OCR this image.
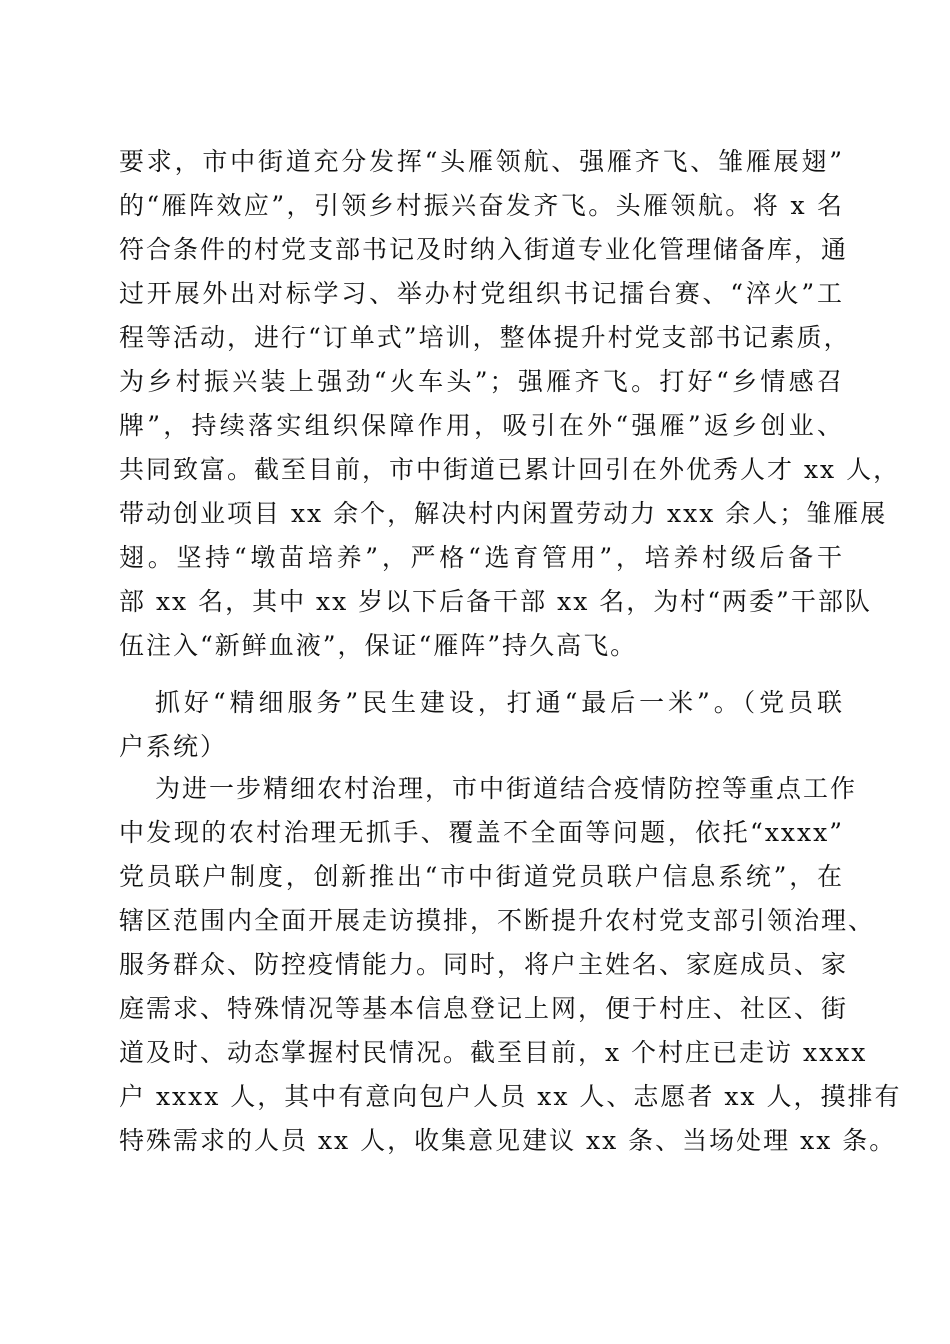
要求，市中街道充分发挥“头雁领航、强雁齐飞、雏雁展翅”
的“雁阵效应”，引领乡村振兴奋发齐飞。头雁领航。将 x 名
符合条件的村党支部书记及时纳入街道专业化管理储备库，通
过开展外出对标学习、举办村党组织书记擂台赛、“淬火”工
程等活动，进行“订单式”培训，整体提升村党支部书记素质，
为乡村振兴装上强劲“火车头”；强雁齐飞。打好“乡情感召
牌”，持续落实组织保障作用，吸引在外“强雁”返乡创业、
共同致富。截至目前，市中街道已累计回引在外优秀人才 xx 人，
带动创业项目 xx 余个，解决村内闲置劳动力 xxx 余人；雏雁展
翅。坚持“墩苗培养”，严格“选育管用”，培养村级后备干
部 xx 名，其中 xx 岁以下后备干部 xx 名，为村“两委”干部队
伍注入“新鲜血液”，保证“雁阵”持久高飞。
抓好“精细服务”民生建设，打通“最后一米”。（党员联
户系统）
为进一步精细农村治理，市中街道结合疫情防控等重点工作
中发现的农村治理无抓手、覆盖不全面等问题，依托“xxxx”
党员联户制度，创新推出“市中街道党员联户信息系统”，在
辖区范围内全面开展走访摸排，不断提升农村党支部引领治理、
服务群众、防控疫情能力。同时，将户主姓名、家庭成员、家
庭需求、特殊情况等基本信息登记上网，便于村庄、社区、街
道及时、动态掌握村民情况。截至目前，x 个村庄已走访 xxxx
户 xxxx 人，其中有意向包户人员 xx 人、志愿者 xx 人，摸排有
特殊需求的人员 xx 人，收集意见建议 xx 条、当场处理 xx 条。
